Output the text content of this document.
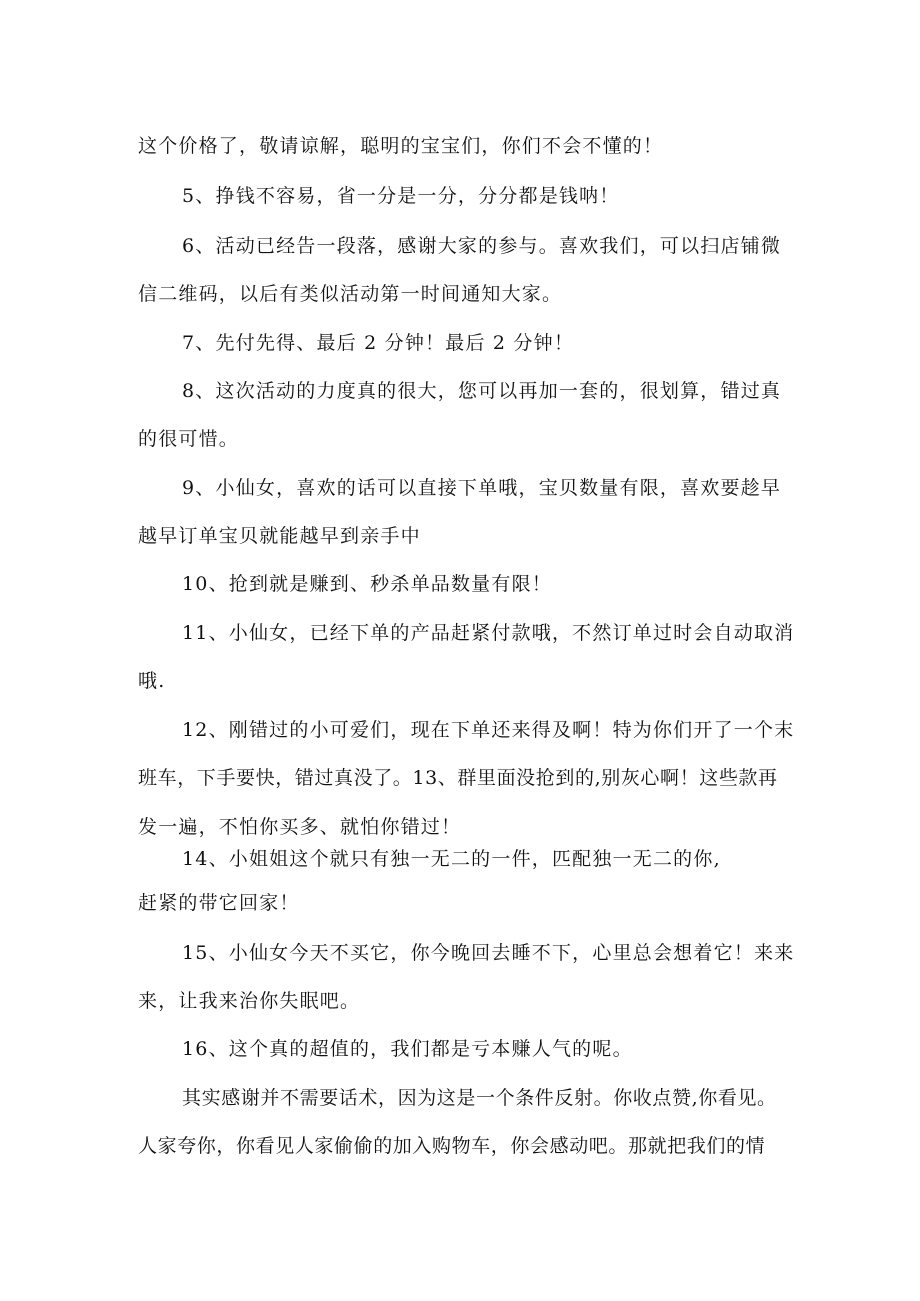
这个价格了，敬请谅解，聪明的宝宝们，你们不会不懂的！
5、挣钱不容易，省一分是一分，分分都是钱呐！
6、活动已经告一段落，感谢大家的参与。喜欢我们，可以扫店铺微
信二维码，以后有类似活动第一时间通知大家。
7、先付先得、最后 2 分钟！最后 2 分钟！
8、这次活动的力度真的很大，您可以再加一套的，很划算，错过真
的很可惜。
9、小仙女，喜欢的话可以直接下单哦，宝贝数量有限，喜欢要趁早
越早订单宝贝就能越早到亲手中
10、抢到就是赚到、秒杀单品数量有限！
11、小仙女，已经下单的产品赶紧付款哦，不然订单过时会自动取消
哦.
12、刚错过的小可爱们，现在下单还来得及啊！特为你们开了一个末
班车，下手要快，错过真没了。13、群里面没抢到的,别灰心啊！这些款再
发一遍，不怕你买多、就怕你错过！
14、小姐姐这个就只有独一无二的一件，匹配独一无二的你,
赶紧的带它回家！
15、小仙女今天不买它，你今晚回去睡不下，心里总会想着它！来来
来，让我来治你失眠吧。
16、这个真的超值的，我们都是亏本赚人气的呢。
其实感谢并不需要话术，因为这是一个条件反射。你收点赞,你看见。
人家夸你，你看见人家偷偷的加入购物车，你会感动吧。那就把我们的情
